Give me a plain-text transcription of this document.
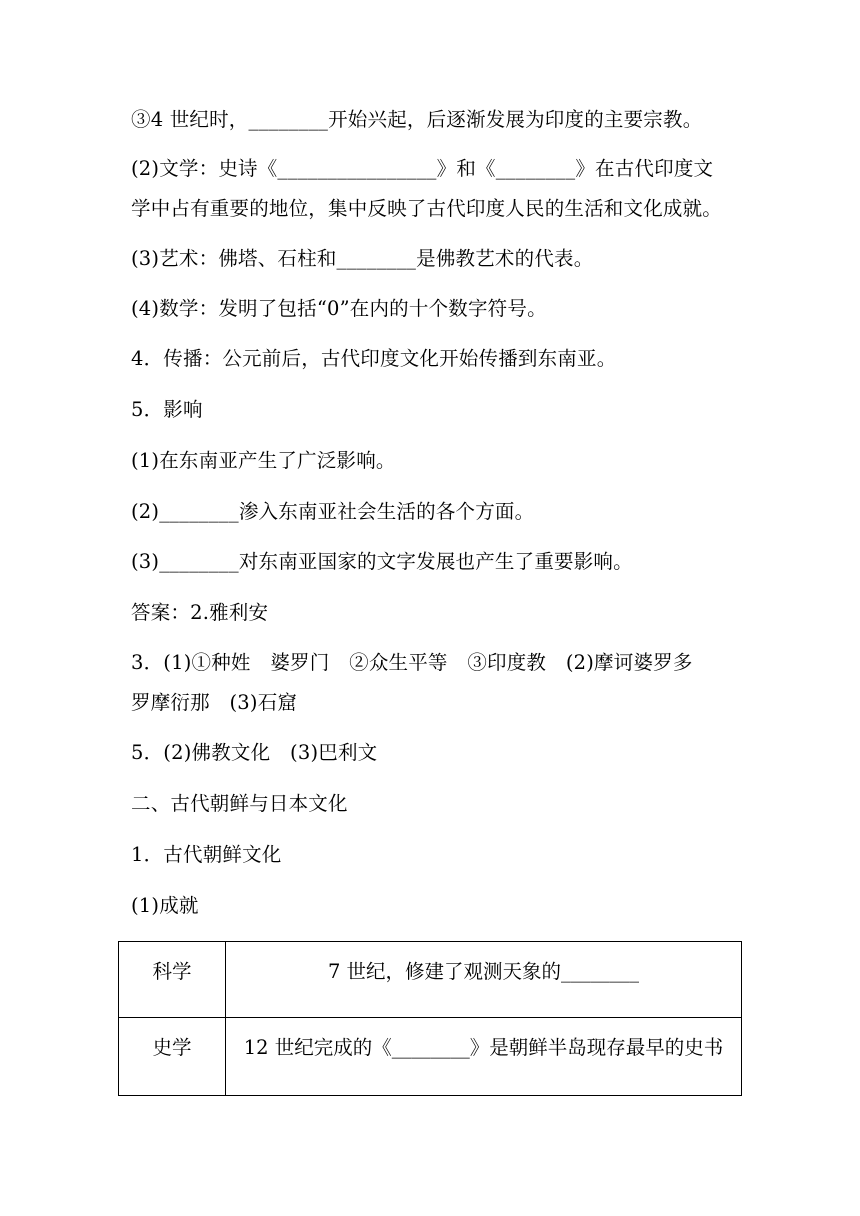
③4 世纪时，________开始兴起，后逐渐发展为印度的主要宗教。
(2)文学：史诗《________________》和《________》在古代印度文
学中占有重要的地位，集中反映了古代印度人民的生活和文化成就。
(3)艺术：佛塔、石柱和________是佛教艺术的代表。
(4)数学：发明了包括“0”在内的十个数字符号。
4．传播：公元前后，古代印度文化开始传播到东南亚。
5．影响
(1)在东南亚产生了广泛影响。
(2)________渗入东南亚社会生活的各个方面。
(3)________对东南亚国家的文字发展也产生了重要影响。
答案：2.雅利安
3．(1)①种姓　婆罗门　②众生平等　③印度教　(2)摩诃婆罗多
罗摩衍那　(3)石窟
5．(2)佛教文化　(3)巴利文
二、古代朝鲜与日本文化
1．古代朝鲜文化
(1)成就
科学	7 世纪，修建了观测天象的________
史学	12 世纪完成的《________》是朝鲜半岛现存最早的史书
